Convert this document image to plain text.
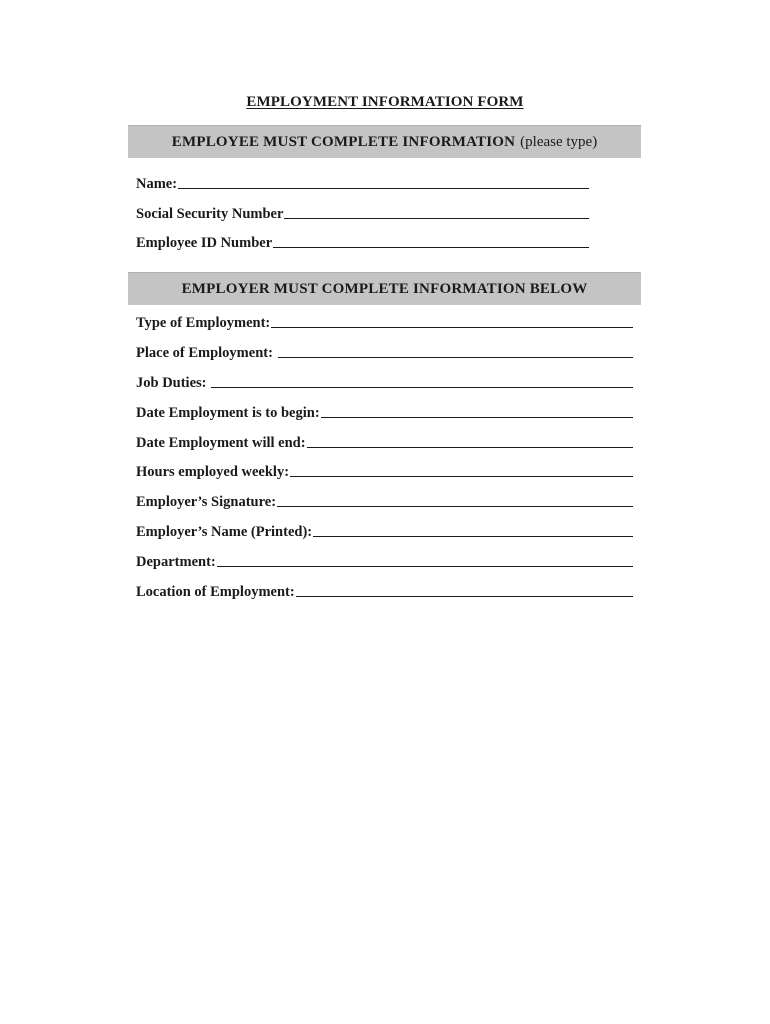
EMPLOYMENT INFORMATION FORM
EMPLOYEE MUST COMPLETE INFORMATION (please type)
Name:
Social Security Number
Employee ID Number
EMPLOYER MUST COMPLETE INFORMATION BELOW
Type of Employment:
Place of Employment:
Job Duties:
Date Employment is to begin:
Date Employment will end:
Hours employed weekly:
Employer’s Signature:
Employer’s Name (Printed):
Department:
Location of Employment:
